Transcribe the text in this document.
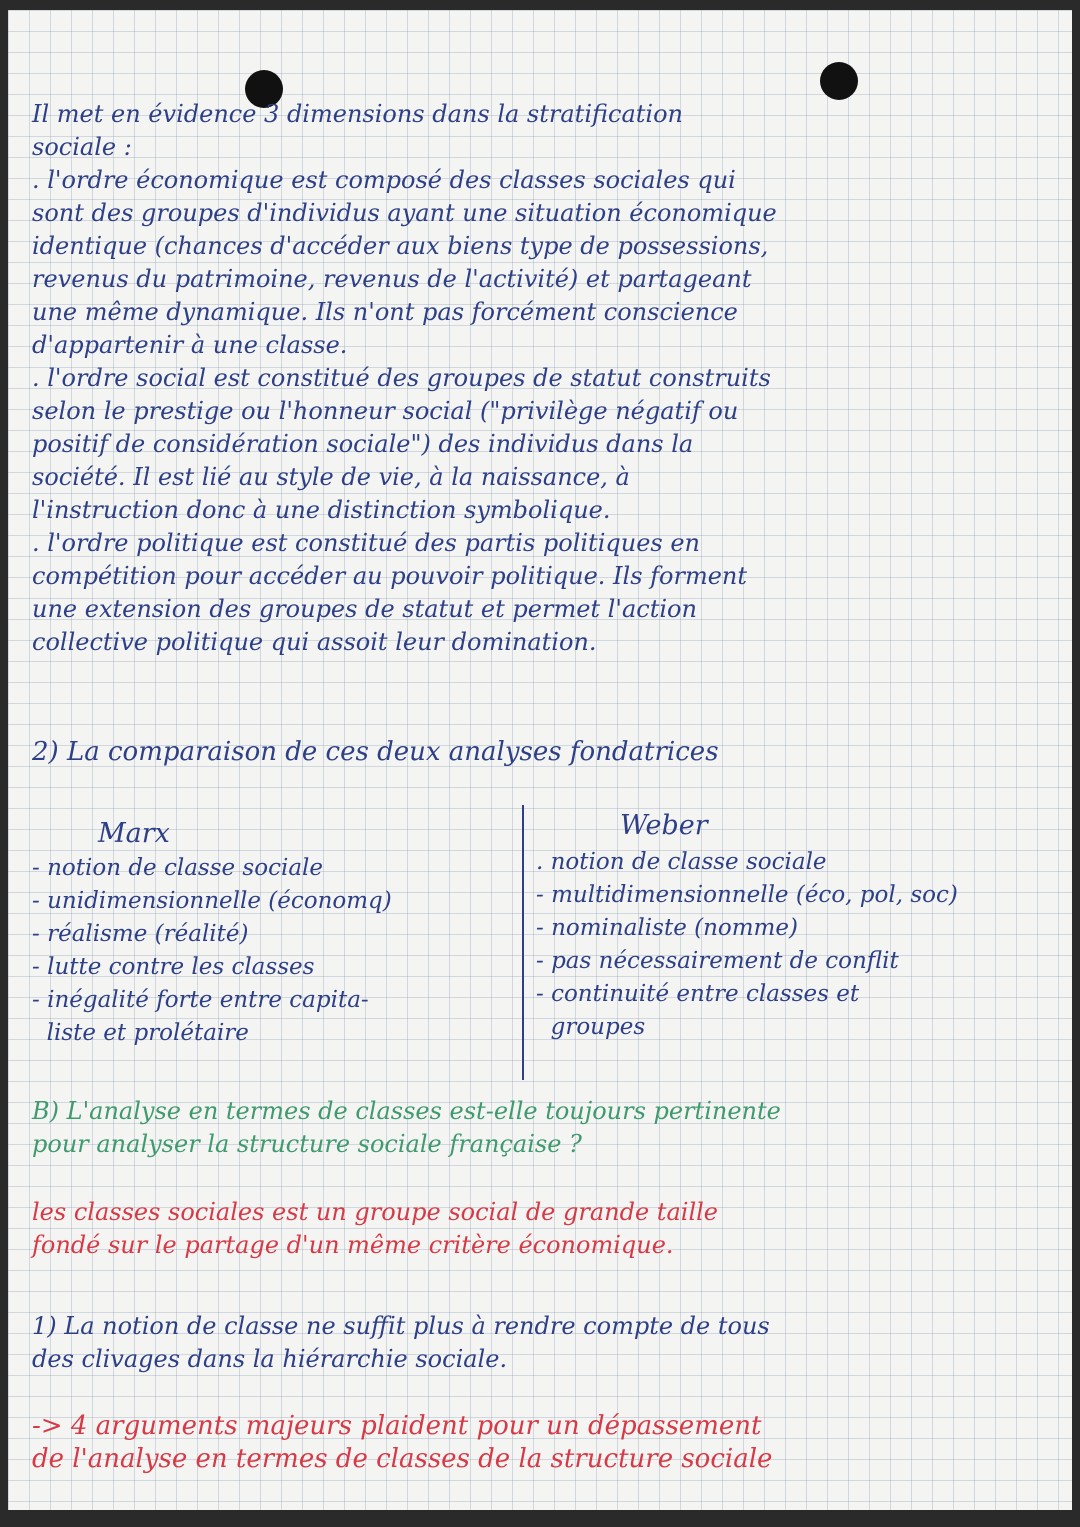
Il met en évidence 3 dimensions dans la stratification
sociale :
. l'ordre économique est composé des classes sociales qui
sont des groupes d'individus ayant une situation économique
identique (chances d'accéder aux biens type de possessions,
revenus du patrimoine, revenus de l'activité) et partageant
une même dynamique. Ils n'ont pas forcément conscience
d'appartenir à une classe.
. l'ordre social est constitué des groupes de statut construits
selon le prestige ou l'honneur social ("privilège négatif ou
positif de considération sociale") des individus dans la
société. Il est lié au style de vie, à la naissance, à
l'instruction donc à une distinction symbolique.
. l'ordre politique est constitué des partis politiques en
compétition pour accéder au pouvoir politique. Ils forment
une extension des groupes de statut et permet l'action
collective politique qui assoit leur domination.

2) La comparaison de ces deux analyses fondatrices

Marx	Weber
- notion de classe sociale
- unidimensionnelle (économq)
- réalisme (réalité)
- lutte contre les classes
- inégalité forte entre capita-
liste et prolétaire
. notion de classe sociale
- multidimensionnelle (éco, pol, soc)
- nominaliste (nomme)
- pas nécessairement de conflit
- continuité entre classes et
groupes

B) L'analyse en termes de classes est-elle toujours pertinente
pour analyser la structure sociale française ?

les classes sociales est un groupe social de grande taille
fondé sur le partage d'un même critère économique.

1) La notion de classe ne suffit plus à rendre compte de tous
des clivages dans la hiérarchie sociale.

-> 4 arguments majeurs plaident pour un dépassement
de l'analyse en termes de classes de la structure sociale
